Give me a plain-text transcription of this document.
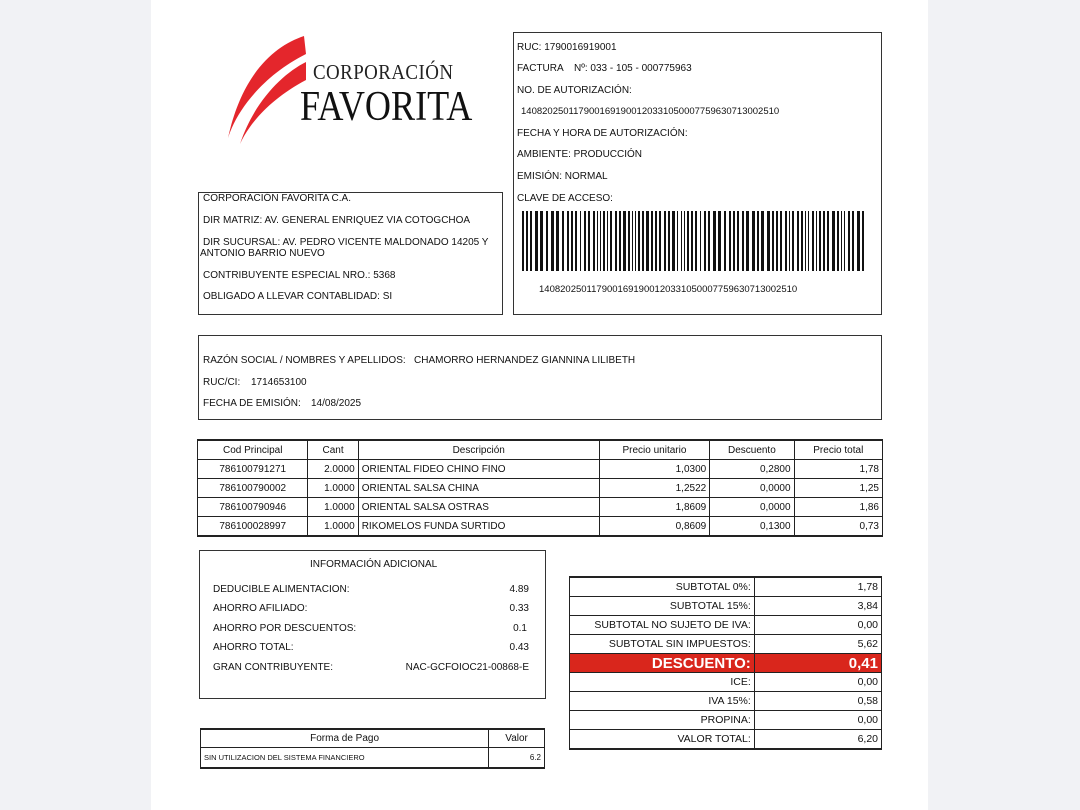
CORPORACIÓN
FAVORITA
CORPORACIÓN FAVORITA C.A.
DIR MATRIZ: AV. GENERAL ENRIQUEZ VIA COTOGCHOA
DIR SUCURSAL: AV. PEDRO VICENTE MALDONADO 14205 Y
ANTONIO BARRIO NUEVO
CONTRIBUYENTE ESPECIAL NRO.: 5368
OBLIGADO A LLEVAR CONTABLIDAD: SI
RUC: 1790016919001
FACTURA Nº: 033 - 105 - 000775963
NO. DE AUTORIZACIÓN:
1408202501179001691900120331050007759630713002510
FECHA Y HORA DE AUTORIZACIÓN:
AMBIENTE: PRODUCCIÓN
EMISIÓN: NORMAL
CLAVE DE ACCESO:
1408202501179001691900120331050007759630713002510
RAZÓN SOCIAL / NOMBRES Y APELLIDOS: CHAMORRO HERNANDEZ GIANNINA LILIBETH
RUC/CI: 1714653100
FECHA DE EMISIÓN: 14/08/2025
Cod Principal	Cant	Descripción	Precio unitario	Descuento	Precio total
786100791271	2.0000	ORIENTAL FIDEO CHINO FINO	1,0300	0,2800	1,78
786100790002	1.0000	ORIENTAL SALSA CHINA	1,2522	0,0000	1,25
786100790946	1.0000	ORIENTAL SALSA OSTRAS	1,8609	0,0000	1,86
786100028997	1.0000	RIKOMELOS FUNDA SURTIDO	0,8609	0,1300	0,73
INFORMACIÓN ADICIONAL
DEDUCIBLE ALIMENTACION:	4.89
AHORRO AFILIADO:	0.33
AHORRO POR DESCUENTOS:	0.1
AHORRO TOTAL:	0.43
GRAN CONTRIBUYENTE:	NAC-GCFOIOC21-00868-E
Forma de Pago	Valor
SIN UTILIZACION DEL SISTEMA FINANCIERO	6.2
SUBTOTAL 0%:	1,78
SUBTOTAL 15%:	3,84
SUBTOTAL NO SUJETO DE IVA:	0,00
SUBTOTAL SIN IMPUESTOS:	5,62
DESCUENTO:	0,41
ICE:	0,00
IVA 15%:	0,58
PROPINA:	0,00
VALOR TOTAL:	6,20
